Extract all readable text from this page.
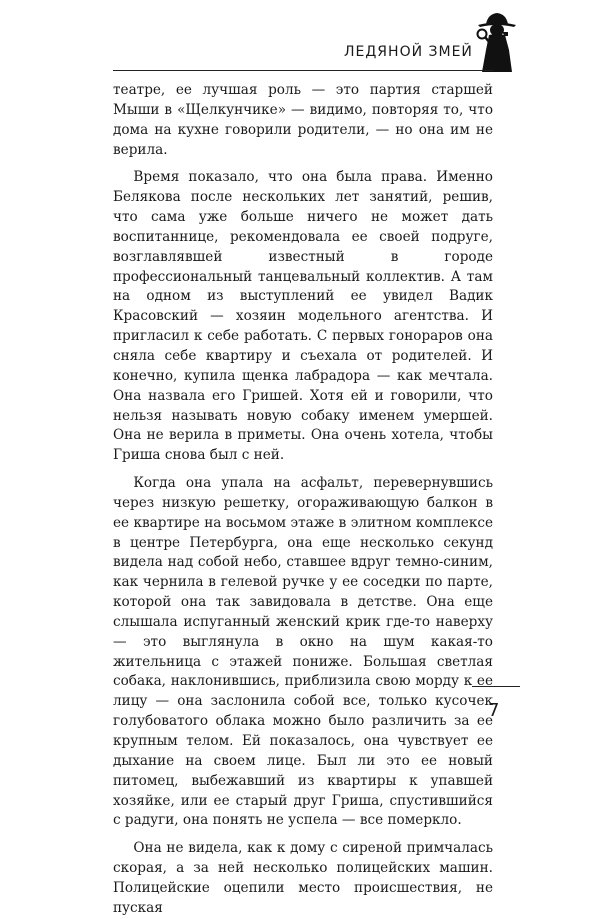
ЛЕДЯНОЙ ЗМЕЙ

театре, ее лучшая роль — это партия старшей Мыши в «Щелкунчике» — видимо, повторяя то, что дома на кухне говорили родители, — но она им не верила.

Время показало, что она была права. Именно Белякова после нескольких лет занятий, решив, что сама уже больше ничего не может дать воспитаннице, рекомендовала ее своей подруге, возглавлявшей известный в городе профессиональный танцевальный коллектив. А там на одном из выступлений ее увидел Вадик Красовский — хозяин модельного агентства. И пригласил к себе работать. С первых гонораров она сняла себе квартиру и съехала от родителей. И конечно, купила щенка лабрадора — как мечтала. Она назвала его Гришей. Хотя ей и говорили, что нельзя называть новую собаку именем умершей. Она не верила в приметы. Она очень хотела, чтобы Гриша снова был с ней.

Когда она упала на асфальт, перевернувшись через низкую решетку, огораживающую балкон в ее квартире на восьмом этаже в элитном комплексе в центре Петербурга, она еще несколько секунд видела над собой небо, ставшее вдруг темно-синим, как чернила в гелевой ручке у ее соседки по парте, которой она так завидовала в детстве. Она еще слышала испуганный женский крик где-то наверху — это выглянула в окно на шум какая-то жительница с этажей пониже. Большая светлая собака, наклонившись, приблизила свою морду к ее лицу — она заслонила собой все, только кусочек голубоватого облака можно было различить за ее крупным телом. Ей показалось, она чувствует ее дыхание на своем лице. Был ли это ее новый питомец, выбежавший из квартиры к упавшей хозяйке, или ее старый друг Гриша, спустившийся с радуги, она понять не успела — все померкло.

Она не видела, как к дому с сиреной примчалась скорая, а за ней несколько полицейских машин. Полицейские оцепили место происшествия, не пуская

7
